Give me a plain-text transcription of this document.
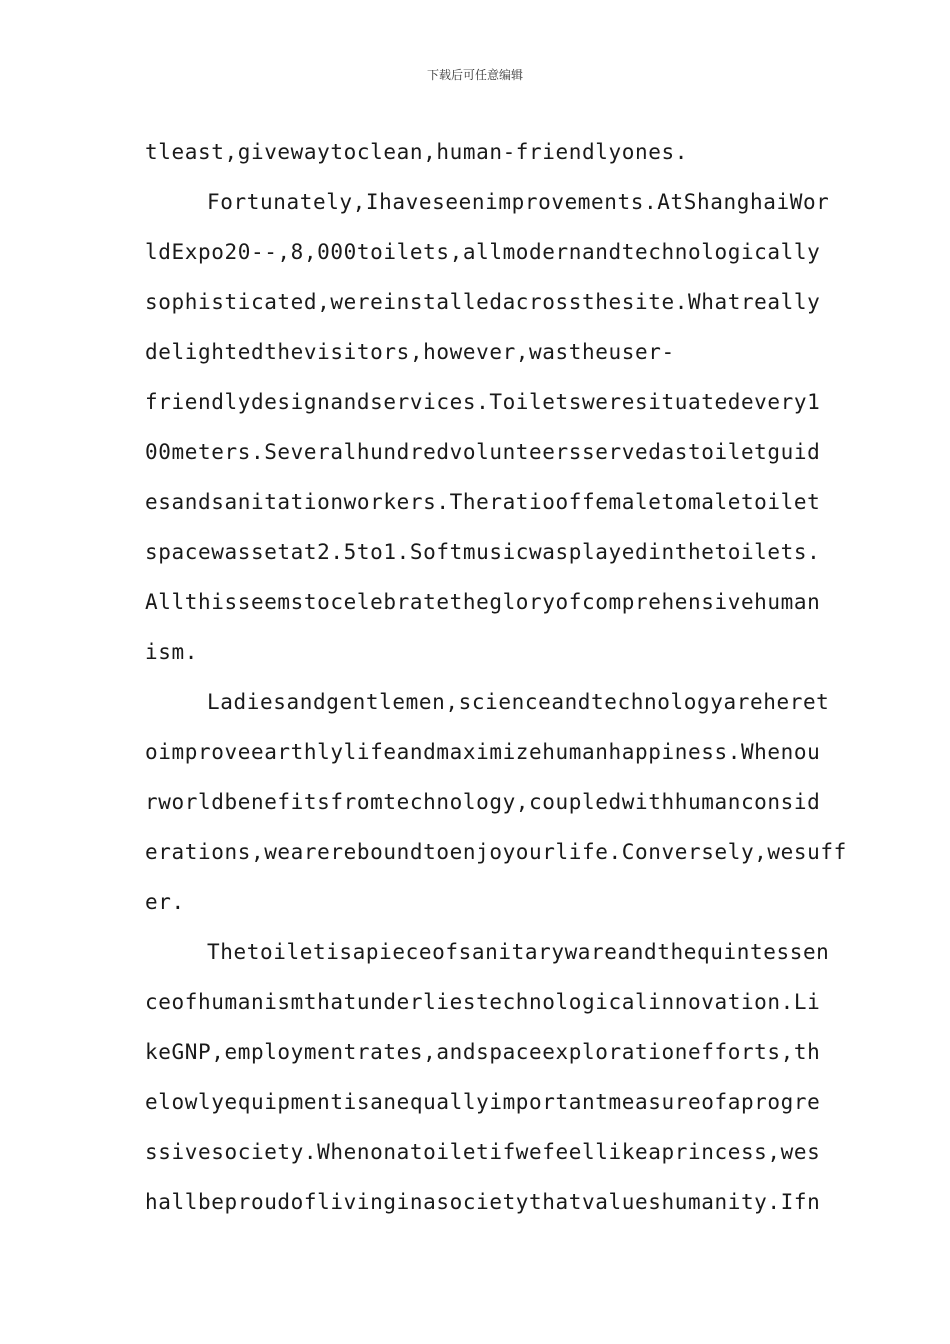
下载后可任意编辑
tleast,givewaytoclean,human-friendlyones.
Fortunately,Ihaveseenimprovements.AtShanghaiWor
ldExpo20--,8,000toilets,allmodernandtechnologically
sophisticated,wereinstalledacrossthesite.Whatreally
delightedthevisitors,however,wastheuser-
friendlydesignandservices.Toiletsweresituatedevery1
00meters.Severalhundredvolunteersservedastoiletguid
esandsanitationworkers.Theratiooffemaletomaletoilet
spacewassetat2.5to1.Softmusicwasplayedinthetoilets.
Allthisseemstocelebratethegloryofcomprehensivehuman
ism.
Ladiesandgentlemen,scienceandtechnologyareheret
oimproveearthlylifeandmaximizehumanhappiness.Whenou
rworldbenefitsfromtechnology,coupledwithhumanconsid
erations,wearereboundtoenjoyourlife.Conversely,wesuff
er.
Thetoiletisapieceofsanitarywareandthequintessen
ceofhumanismthatunderliestechnologicalinnovation.Li
keGNP,employmentrates,andspaceexplorationefforts,th
elowlyequipmentisanequallyimportantmeasureofaprogre
ssivesociety.Whenonatoiletifwefeellikeaprincess,wes
hallbeproudoflivinginasocietythatvalueshumanity.Ifn
